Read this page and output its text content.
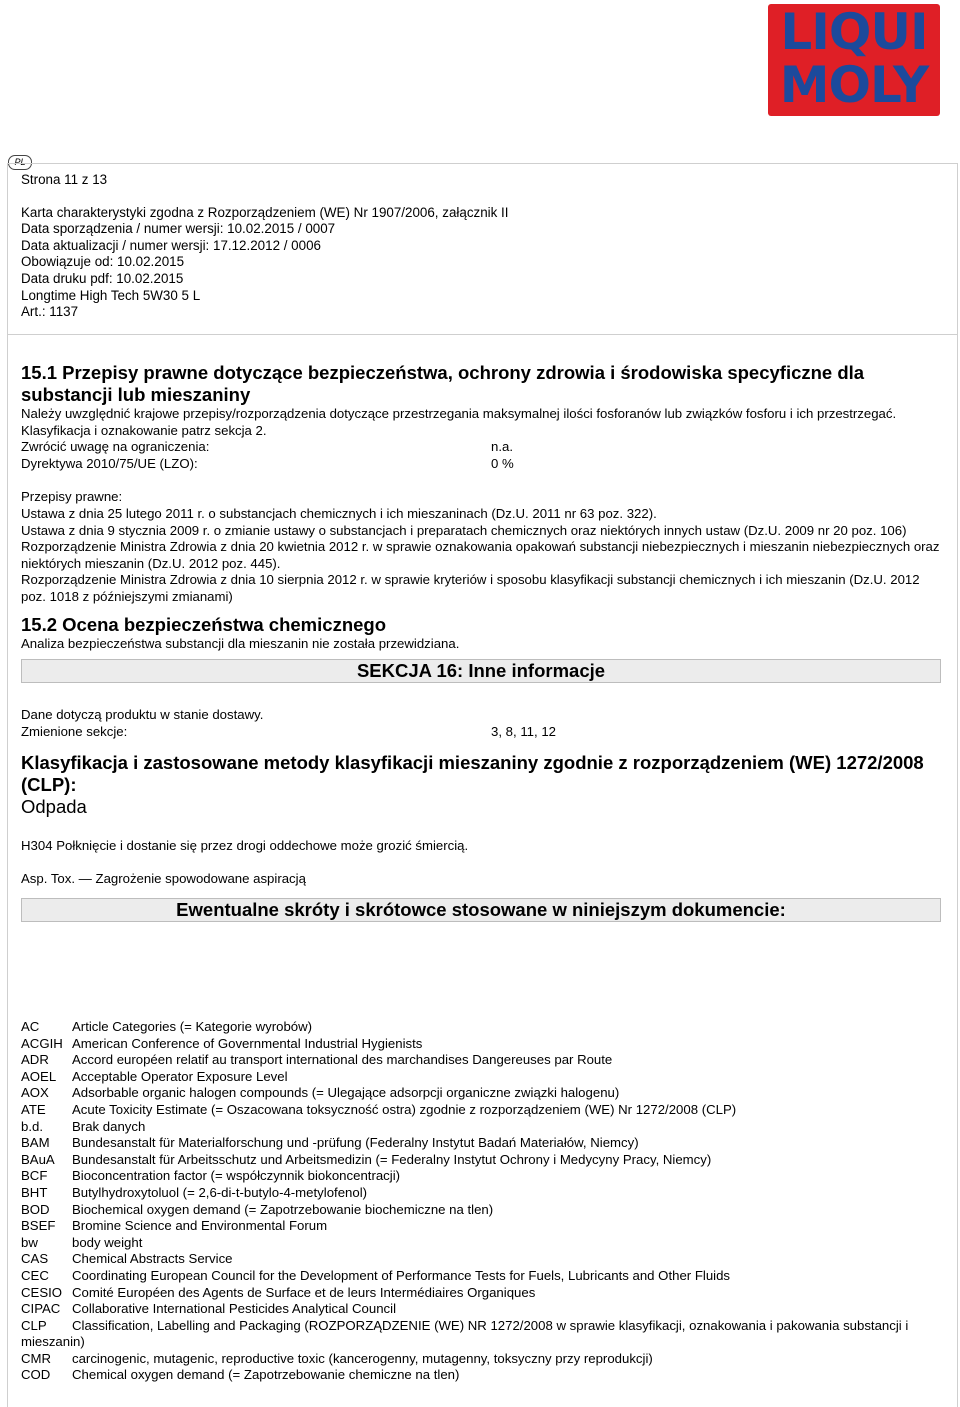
LIQUI
MOLY
PL
Strona 11 z 13
Karta charakterystyki zgodna z Rozporządzeniem (WE) Nr 1907/2006, załącznik II
Data sporządzenia / numer wersji: 10.02.2015 / 0007
Data aktualizacji / numer wersji: 17.12.2012 / 0006
Obowiązuje od: 10.02.2015
Data druku pdf: 10.02.2015
Longtime High Tech 5W30 5 L
Art.: 1137
15.1 Przepisy prawne dotyczące bezpieczeństwa, ochrony zdrowia i środowiska specyficzne dla substancji lub mieszaniny
Należy uwzględnić krajowe przepisy/rozporządzenia dotyczące przestrzegania maksymalnej ilości fosforanów lub związków fosforu i ich przestrzegać.
Klasyfikacja i oznakowanie patrz sekcja 2.
Zwrócić uwagę na ograniczenia:	n.a.
Dyrektywa 2010/75/UE (LZO):	0 %
Przepisy prawne:
Ustawa z dnia 25 lutego 2011 r. o substancjach chemicznych i ich mieszaninach (Dz.U. 2011 nr 63 poz. 322).
Ustawa z dnia 9 stycznia 2009 r. o zmianie ustawy o substancjach i preparatach chemicznych oraz niektórych innych ustaw (Dz.U. 2009 nr 20 poz. 106)
Rozporządzenie Ministra Zdrowia z dnia 20 kwietnia 2012 r. w sprawie oznakowania opakowań substancji niebezpiecznych i mieszanin niebezpiecznych oraz niektórych mieszanin (Dz.U. 2012 poz. 445).
Rozporządzenie Ministra Zdrowia z dnia 10 sierpnia 2012 r. w sprawie kryteriów i sposobu klasyfikacji substancji chemicznych i ich mieszanin (Dz.U. 2012 poz. 1018 z późniejszymi zmianami)
15.2 Ocena bezpieczeństwa chemicznego
Analiza bezpieczeństwa substancji dla mieszanin nie została przewidziana.
SEKCJA 16: Inne informacje
Dane dotyczą produktu w stanie dostawy.
Zmienione sekcje:	3, 8, 11, 12
Klasyfikacja i zastosowane metody klasyfikacji mieszaniny zgodnie z rozporządzeniem (WE) 1272/2008 (CLP):
Odpada
H304 Połknięcie i dostanie się przez drogi oddechowe może grozić śmiercią.
Asp. Tox. — Zagrożenie spowodowane aspiracją
Ewentualne skróty i skrótowce stosowane w niniejszym dokumencie:
AC	Article Categories (= Kategorie wyrobów)
ACGIH American Conference of Governmental Industrial Hygienists
ADR	Accord européen relatif au transport international des marchandises Dangereuses par Route
AOEL	Acceptable Operator Exposure Level
AOX	Adsorbable organic halogen compounds (= Ulegające adsorpcji organiczne związki halogenu)
ATE	Acute Toxicity Estimate (= Oszacowana toksyczność ostra) zgodnie z rozporządzeniem (WE) Nr 1272/2008 (CLP)
b.d.	Brak danych
BAM	Bundesanstalt für Materialforschung und -prüfung (Federalny Instytut Badań Materiałów, Niemcy)
BAuA	Bundesanstalt für Arbeitsschutz und Arbeitsmedizin (= Federalny Instytut Ochrony i Medycyny Pracy, Niemcy)
BCF	Bioconcentration factor (= współczynnik biokoncentracji)
BHT	Butylhydroxytoluol (= 2,6-di-t-butylo-4-metylofenol)
BOD	Biochemical oxygen demand (= Zapotrzebowanie biochemiczne na tlen)
BSEF	Bromine Science and Environmental Forum
bw	body weight
CAS	Chemical Abstracts Service
CEC	Coordinating European Council for the Development of Performance Tests for Fuels, Lubricants and Other Fluids
CESIO Comité Européen des Agents de Surface et de leurs Intermédiaires Organiques
CIPAC Collaborative International Pesticides Analytical Council
CLP	Classification, Labelling and Packaging (ROZPORZĄDZENIE (WE) NR 1272/2008 w sprawie klasyfikacji, oznakowania i pakowania substancji i mieszanin)
CMR	carcinogenic, mutagenic, reproductive toxic (kancerogenny, mutagenny, toksyczny przy reprodukcji)
COD	Chemical oxygen demand (= Zapotrzebowanie chemiczne na tlen)
